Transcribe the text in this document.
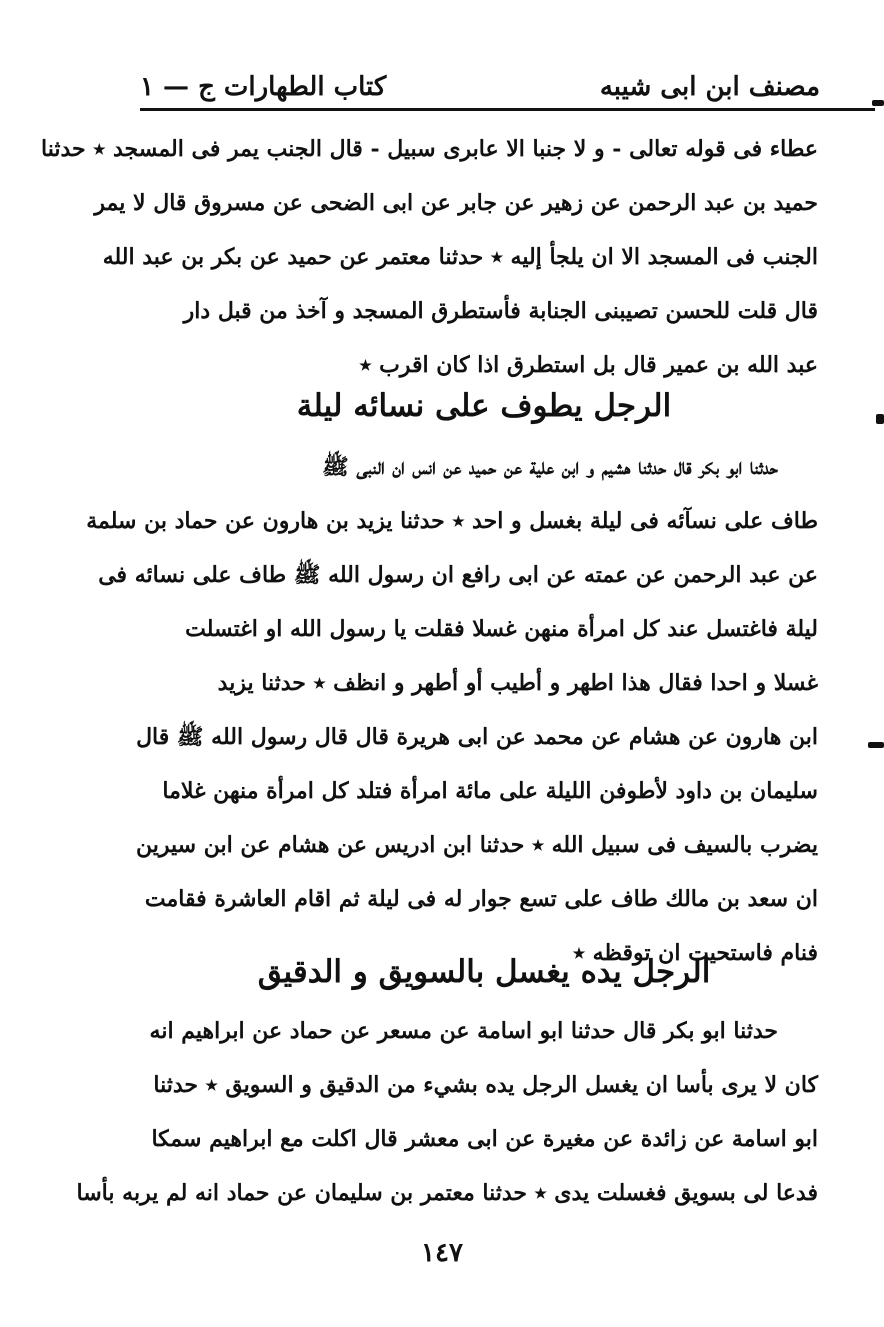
مصنف ابن ابى شيبه
كتاب الطهارات ج — ١
عطاء فى قوله تعالى - و لا جنبا الا عابرى سبيل - قال الجنب يمر فى المسجد ٭ حدثنا
حميد بن عبد الرحمن عن زهير عن جابر عن ابى الضحى عن مسروق قال لا يمر
الجنب فى المسجد الا ان يلجأ إليه ٭ حدثنا معتمر عن حميد عن بكر بن عبد الله
قال قلت للحسن تصيبنى الجنابة فأستطرق المسجد و آخذ من قبل دار
عبد الله بن عمير قال بل استطرق اذا كان اقرب ٭
الرجل يطوف على نسائه ليلة
حدثنا ابو بكر قال حدثنا هشيم و ابن علية عن حميد عن انس ان النبى ﷺ
طاف على نسآئه فى ليلة بغسل و احد ٭ حدثنا يزيد بن هارون عن حماد بن سلمة
عن عبد الرحمن عن عمته عن ابى رافع ان رسول الله ﷺ طاف على نسائه فى
ليلة فاغتسل عند كل امرأة منهن غسلا فقلت يا رسول الله او اغتسلت
غسلا و احدا فقال هذا اطهر و أطيب أو أطهر و انظف ٭ حدثنا يزيد
ابن هارون عن هشام عن محمد عن ابى هريرة قال قال رسول الله ﷺ قال
سليمان بن داود لأطوفن الليلة على مائة امرأة فتلد كل امرأة منهن غلاما
يضرب بالسيف فى سبيل الله ٭ حدثنا ابن ادريس عن هشام عن ابن سيرين
ان سعد بن مالك طاف على تسع جوار له فى ليلة ثم اقام العاشرة فقامت
فنام فاستحيت ان توقظه ٭
الرجل يده يغسل بالسويق و الدقيق
حدثنا ابو بكر قال حدثنا ابو اسامة عن مسعر عن حماد عن ابراهيم انه
كان لا يرى بأسا ان يغسل الرجل يده بشيء من الدقيق و السويق ٭ حدثنا
ابو اسامة عن زائدة عن مغيرة عن ابى معشر قال اكلت مع ابراهيم سمكا
فدعا لى بسويق فغسلت يدى ٭ حدثنا معتمر بن سليمان عن حماد انه لم يربه بأسا
١٤٧
